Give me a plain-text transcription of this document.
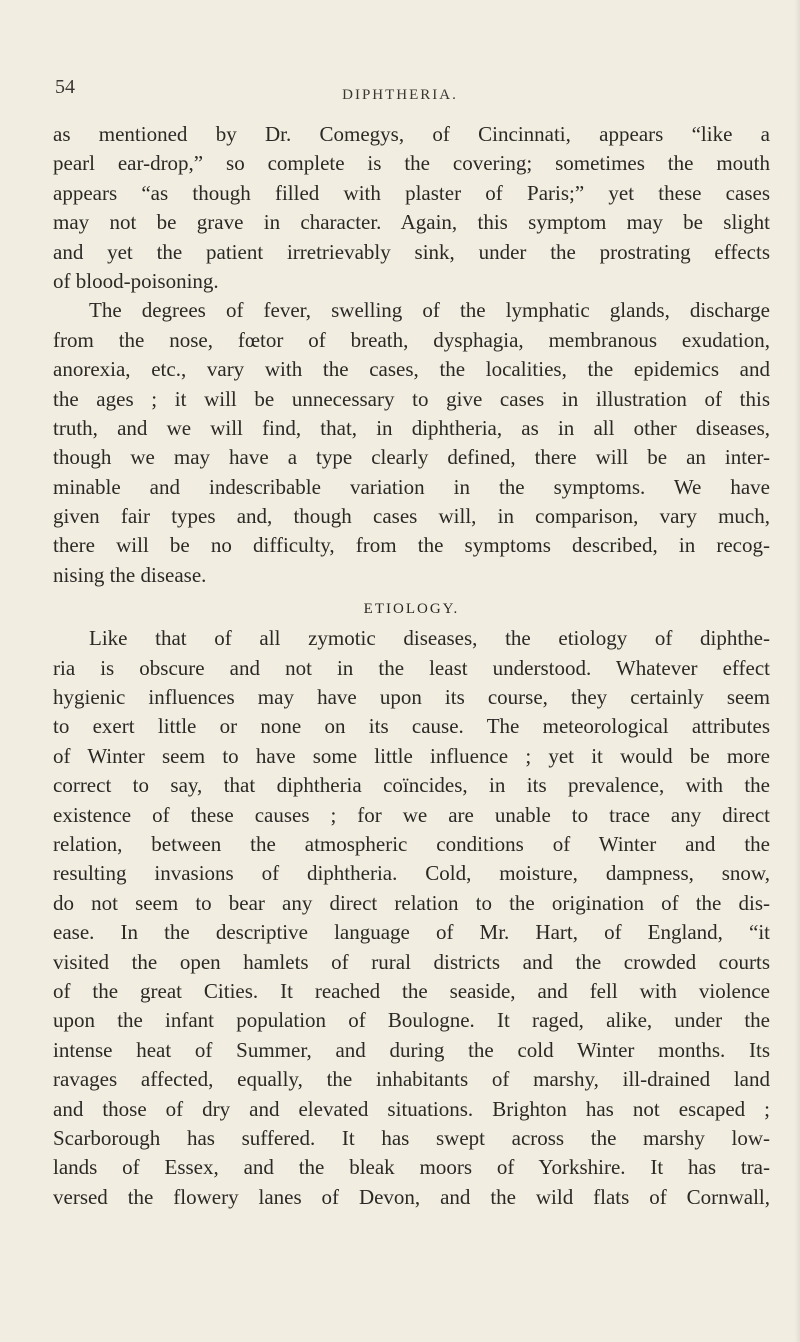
54	DIPHTHERIA.
as mentioned by Dr. Comegys, of Cincinnati, appears “like a
pearl ear-drop,” so complete is the covering; sometimes the mouth
appears “as though filled with plaster of Paris;” yet these cases
may not be grave in character. Again, this symptom may be slight
and yet the patient irretrievably sink, under the prostrating effects
of blood-poisoning.
The degrees of fever, swelling of the lymphatic glands, discharge
from the nose, fœtor of breath, dysphagia, membranous exudation,
anorexia, etc., vary with the cases, the localities, the epidemics and
the ages ; it will be unnecessary to give cases in illustration of this
truth, and we will find, that, in diphtheria, as in all other diseases,
though we may have a type clearly defined, there will be an inter-
minable and indescribable variation in the symptoms. We have
given fair types and, though cases will, in comparison, vary much,
there will be no difficulty, from the symptoms described, in recog-
nising the disease.
ETIOLOGY.
Like that of all zymotic diseases, the etiology of diphthe-
ria is obscure and not in the least understood. Whatever effect
hygienic influences may have upon its course, they certainly seem
to exert little or none on its cause. The meteorological attributes
of Winter seem to have some little influence ; yet it would be more
correct to say, that diphtheria coïncides, in its prevalence, with the
existence of these causes ; for we are unable to trace any direct
relation, between the atmospheric conditions of Winter and the
resulting invasions of diphtheria. Cold, moisture, dampness, snow,
do not seem to bear any direct relation to the origination of the dis-
ease. In the descriptive language of Mr. Hart, of England, “it
visited the open hamlets of rural districts and the crowded courts
of the great Cities. It reached the seaside, and fell with violence
upon the infant population of Boulogne. It raged, alike, under the
intense heat of Summer, and during the cold Winter months. Its
ravages affected, equally, the inhabitants of marshy, ill-drained land
and those of dry and elevated situations. Brighton has not escaped ;
Scarborough has suffered. It has swept across the marshy low-
lands of Essex, and the bleak moors of Yorkshire. It has tra-
versed the flowery lanes of Devon, and the wild flats of Cornwall,
